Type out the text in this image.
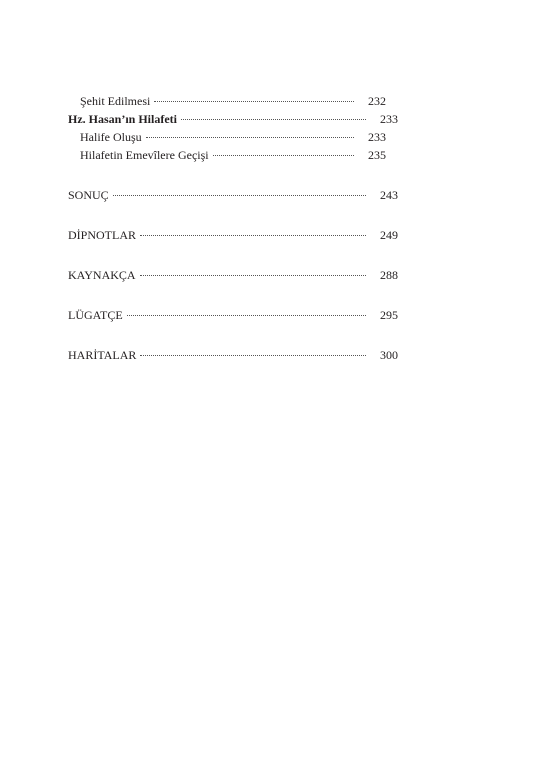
Şehit Edilmesi	232
Hz. Hasan’ın Hilafeti	233
Halife Oluşu	233
Hilafetin Emevîlere Geçişi	235
SONUÇ	243
DİPNOTLAR	249
KAYNAKÇA	288
LÜGATÇE	295
HARİTALAR	300
